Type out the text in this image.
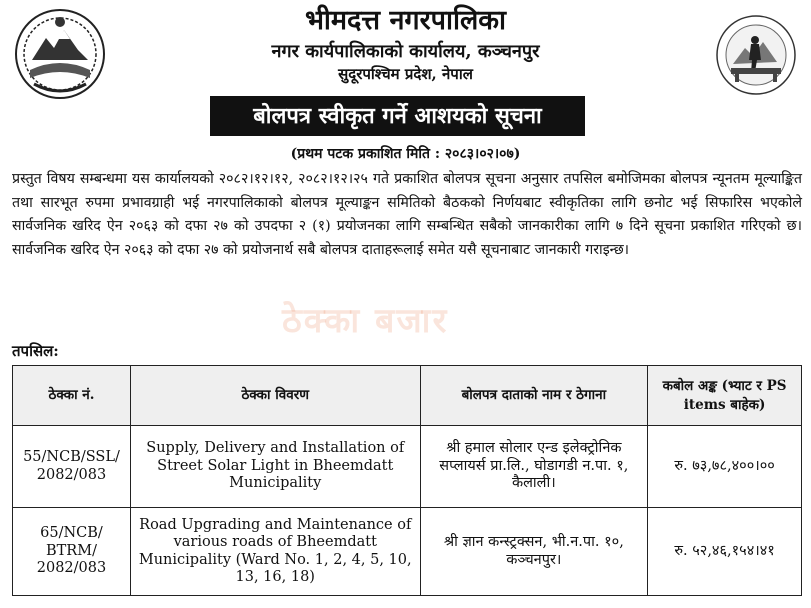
भीमदत्त नगरपालिका
नगर कार्यपालिकाको कार्यालय, कञ्चनपुर
सुदूरपश्चिम प्रदेश, नेपाल
बोलपत्र स्वीकृत गर्ने आशयको सूचना
(प्रथम पटक प्रकाशित मिति : २०८३।०२।०७)

प्रस्तुत विषय सम्बन्धमा यस कार्यालयको २०८२।१२।१२, २०८२।१२।२५ गते प्रकाशित बोलपत्र सूचना अनुसार तपसिल बमोजिमका बोलपत्र न्यूनतम मूल्याङ्कित तथा सारभूत रुपमा प्रभावग्राही भई नगरपालिकाको बोलपत्र मूल्याङ्कन समितिको बैठकको निर्णयबाट स्वीकृतिका लागि छनोट भई सिफारिस भएकोले सार्वजनिक खरिद ऐन २०६३ को दफा २७ को उपदफा २ (१) प्रयोजनका लागि सम्बन्धित सबैको जानकारीका लागि ७ दिने सूचना प्रकाशित गरिएको छ। सार्वजनिक खरिद ऐन २०६३ को दफा २७ को प्रयोजनार्थ सबै बोलपत्र दाताहरूलाई समेत यसै सूचनाबाट जानकारी गराइन्छ।

ठेक्का बजार
तपसिल:
ठेक्का नं.	ठेक्का विवरण	बोलपत्र दाताको नाम र ठेगाना	कबोल अङ्क (भ्याट र PS items बाहेक)
55/NCB/SSL/ 2082/083	Supply, Delivery and Installation of Street Solar Light in Bheemdatt Municipality	श्री हमाल सोलार एन्ड इलेक्ट्रोनिक सप्लायर्स प्रा.लि., घोडागडी न.पा. १, कैलाली।	रु. ७३,७८,४००।००
65/NCB/ BTRM/ 2082/083	Road Upgrading and Maintenance of various roads of Bheemdatt Municipality (Ward No. 1, 2, 4, 5, 10, 13, 16, 18)	श्री ज्ञान कन्स्ट्रक्सन, भी.न.पा. १०, कञ्चनपुर।	रु. ५२,४६,१५४।४१
